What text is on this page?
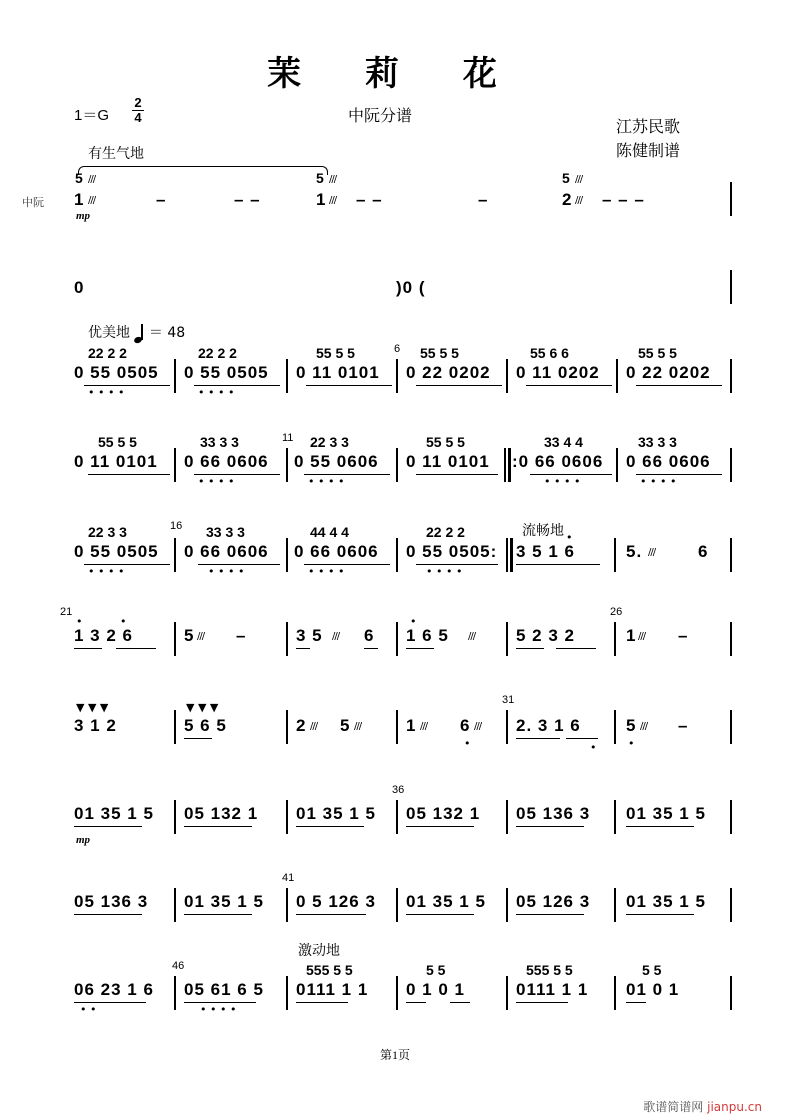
茉 莉 花
1＝G
2
4	中阮分谱
江苏民歌
陈健制谱
有生气地
中阮
5 ///	5 ///	5 ///
1 ///	–	– –	1 /// – –	–	2 /// – – –
mp
0	)0 (
优美地 ＝ 48
6
22 2 2	22 2 2	55 5 5	55 5 5	55 6 6	55 5 5
0 55 0505 0 55 0505 0 11 0101 0 22 0202 0 11 0202 0 22 0202
• • • •	• • • •
11
55 5 5	33 3 3	22 3 3	55 5 5	33 4 4	33 3 3
0 11 0101 0 66 0606 0 55 0606 0 11 0101 :0 66 0606 0 66 0606
• • • •	• • • •	• • • •	• • • •
16	流畅地
22 3 3	33 3 3	44 4 4	22 2 2
0 55 0505 0 66 0606 0 66 0606 0 55 0505: 3 5 1 6	5. ///	6
• • • •	• • • •	• • • •	• • • •
•
21	26
1 3 2 6	5 /// –	3 5 /// 6 1 6 5 /// 5 2 3 2	1 /// –
•	•	•
31
▼ ▼ ▼	▼ ▼ ▼
3 1 2	5 6 5	2 /// 5 ///	1 /// 6 /// 2. 3 1 6	5 /// –
•	•	•
36
01 35 1 5 05 132 1 01 35 1 5 05 132 1 05 136 3 01 35 1 5
mp
41
05 136 3 01 35 1 5 0 5 126 3 01 35 1 5 05 126 3 01 35 1 5
激动地
46	555 5 5	5 5	555 5 5	5 5
06 23 1 6 05 61 6 5 0111 1 1 0 1 0 1	0111 1 1 01 0 1
• •	• • • •
第1页
歌谱简谱网 jianpu.cn
